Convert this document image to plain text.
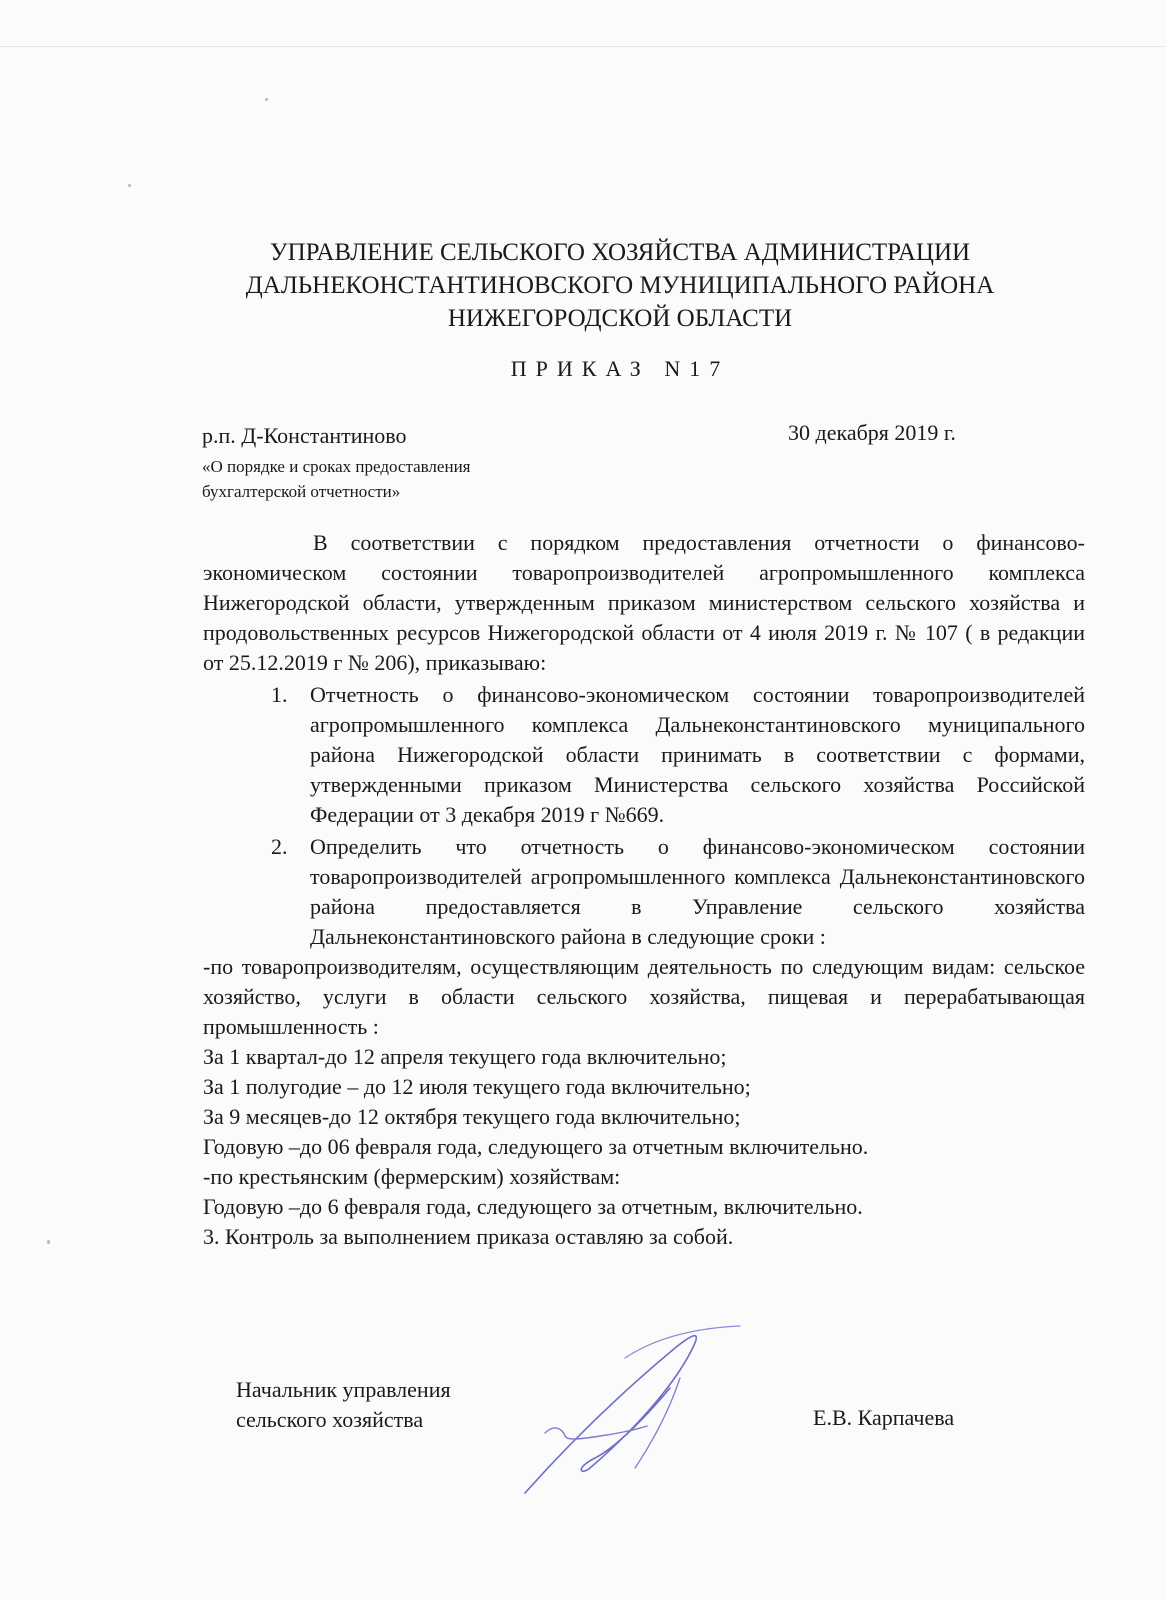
УПРАВЛЕНИЕ СЕЛЬСКОГО ХОЗЯЙСТВА АДМИНИСТРАЦИИ
ДАЛЬНЕКОНСТАНТИНОВСКОГО МУНИЦИПАЛЬНОГО РАЙОНА
НИЖЕГОРОДСКОЙ ОБЛАСТИ
ПРИКАЗ N17
р.п. Д-Константиново	30 декабря 2019 г.
«О порядке и сроках предоставления
бухгалтерской отчетности»

В соответствии с порядком предоставления отчетности о финансово-экономическом состоянии товаропроизводителей агропромышленного комплекса Нижегородской области, утвержденным приказом министерством сельского хозяйства и продовольственных ресурсов Нижегородской области от 4 июля 2019 г. № 107 ( в редакции от 25.12.2019 г № 206), приказываю:

1. Отчетность о финансово-экономическом состоянии товаропроизводителей агропромышленного комплекса Дальнеконстантиновского муниципального района Нижегородской области принимать в соответствии с формами, утвержденными приказом Министерства сельского хозяйства Российской Федерации от 3 декабря 2019 г №669.
2. Определить что отчетность о финансово-экономическом состоянии товаропроизводителей агропромышленного комплекса Дальнеконстантиновского района предоставляется в Управление сельского хозяйства Дальнеконстантиновского района в следующие сроки :

-по товаропроизводителям, осуществляющим деятельность по следующим видам: сельское хозяйство, услуги в области сельского хозяйства, пищевая и перерабатывающая промышленность :

За 1 квартал-до 12 апреля текущего года включительно;

За 1 полугодие – до 12 июля текущего года включительно;

За 9 месяцев-до 12 октября текущего года включительно;

Годовую –до 06 февраля года, следующего за отчетным включительно.

-по крестьянским (фермерским) хозяйствам:

Годовую –до 6 февраля года, следующего за отчетным, включительно.

3. Контроль за выполнением приказа оставляю за собой.

Начальник управления
сельского хозяйства	Е.В. Карпачева
